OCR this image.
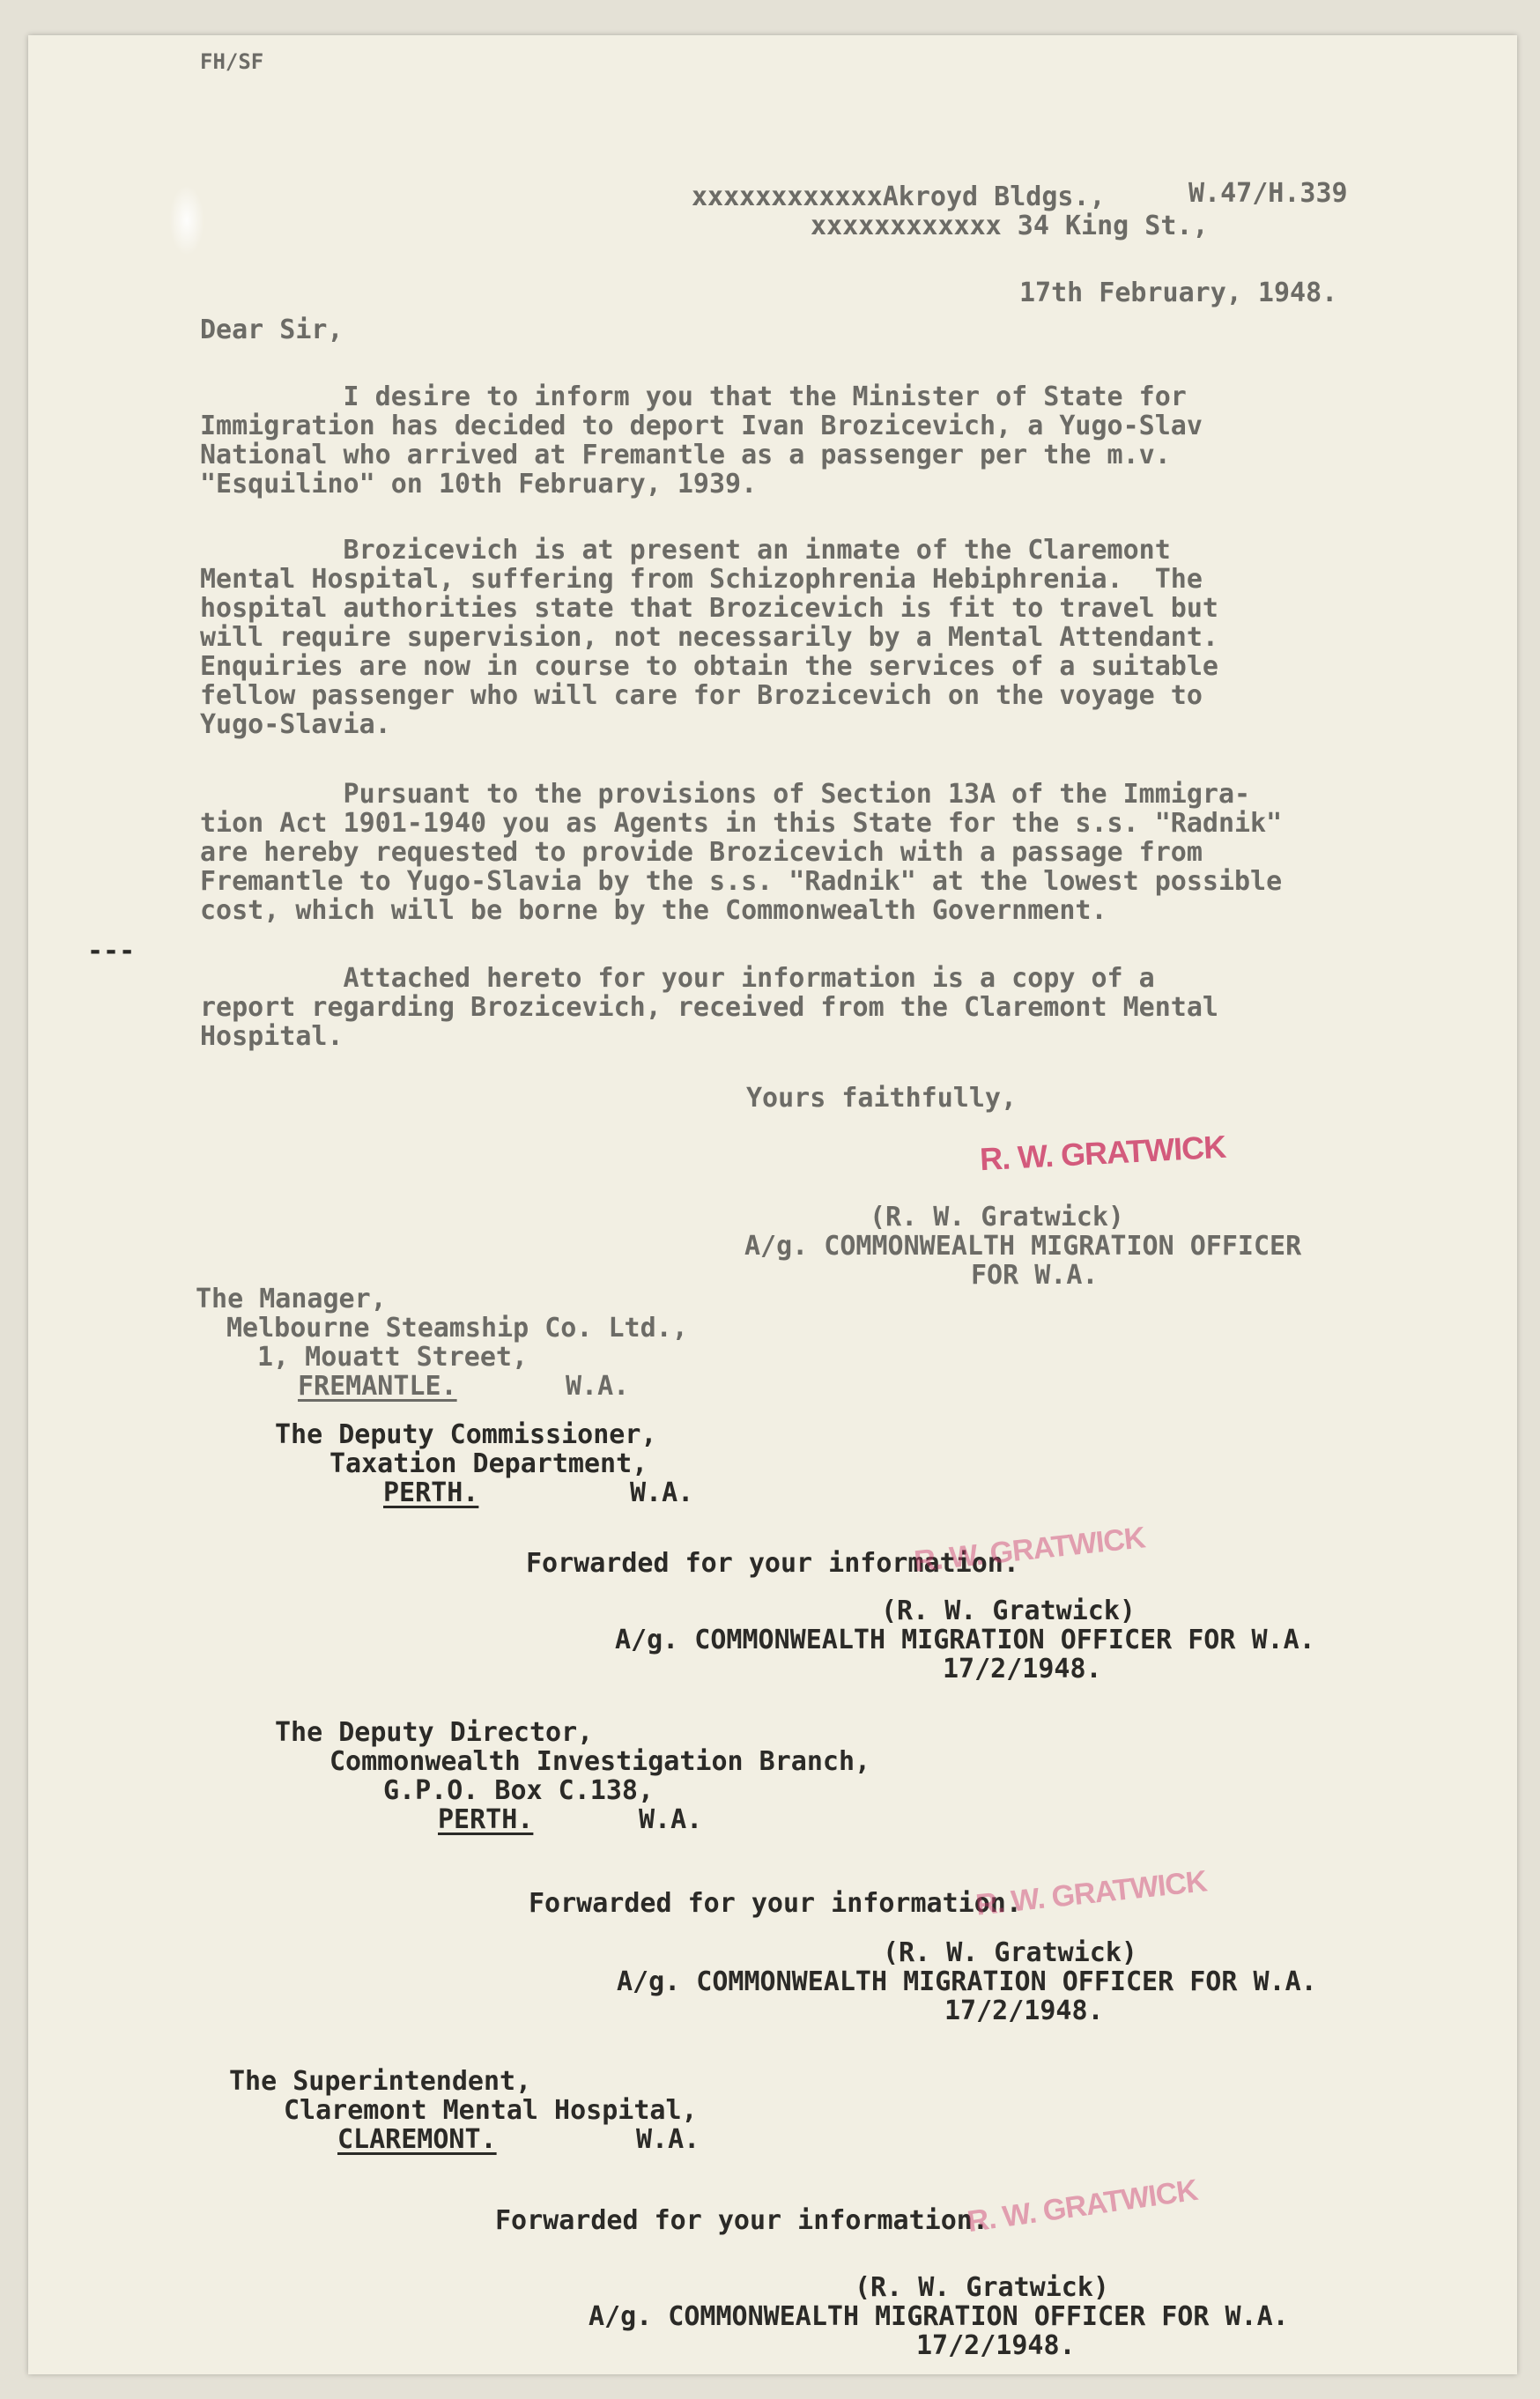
FH/SF

xxxxxxxxxxxxAkroyd Bldgs.,

xxxxxxxxxxxx 34 King St.,

W.47/H.339

17th February, 1948.

Dear Sir,

I desire to inform you that the Minister of State for

Immigration has decided to deport Ivan Brozicevich, a Yugo-Slav

National who arrived at Fremantle as a passenger per the m.v.

"Esquilino" on 10th February, 1939.

Brozicevich is at present an inmate of the Claremont

Mental Hospital, suffering from Schizophrenia Hebiphrenia.  The

hospital authorities state that Brozicevich is fit to travel but

will require supervision, not necessarily by a Mental Attendant.

Enquiries are now in course to obtain the services of a suitable

fellow passenger who will care for Brozicevich on the voyage to

Yugo-Slavia.

Pursuant to the provisions of Section 13A of the Immigra-

tion Act 1901-1940 you as Agents in this State for the s.s. "Radnik"

are hereby requested to provide Brozicevich with a passage from

Fremantle to Yugo-Slavia by the s.s. "Radnik" at the lowest possible

cost, which will be borne by the Commonwealth Government.

---

Attached hereto for your information is a copy of a

report regarding Brozicevich, received from the Claremont Mental

Hospital.

Yours faithfully,

R. W. GRATWICK

(R. W. Gratwick)

A/g. COMMONWEALTH MIGRATION OFFICER

FOR W.A.

The Manager,

Melbourne Steamship Co. Ltd.,

1, Mouatt Street,

FREMANTLE.	W.A.

The Deputy Commissioner,

Taxation Department,

PERTH.	W.A.

Forwarded for your information.

R. W. GRATWICK

(R. W. Gratwick)

A/g. COMMONWEALTH MIGRATION OFFICER FOR W.A.

17/2/1948.

The Deputy Director,

Commonwealth Investigation Branch,

G.P.O. Box C.138,

PERTH.	W.A.

Forwarded for your information.

R. W. GRATWICK

(R. W. Gratwick)

A/g. COMMONWEALTH MIGRATION OFFICER FOR W.A.

17/2/1948.

The Superintendent,

Claremont Mental Hospital,

CLAREMONT.	W.A.

Forwarded for your information.

R. W. GRATWICK

(R. W. Gratwick)

A/g. COMMONWEALTH MIGRATION OFFICER FOR W.A.

17/2/1948.
